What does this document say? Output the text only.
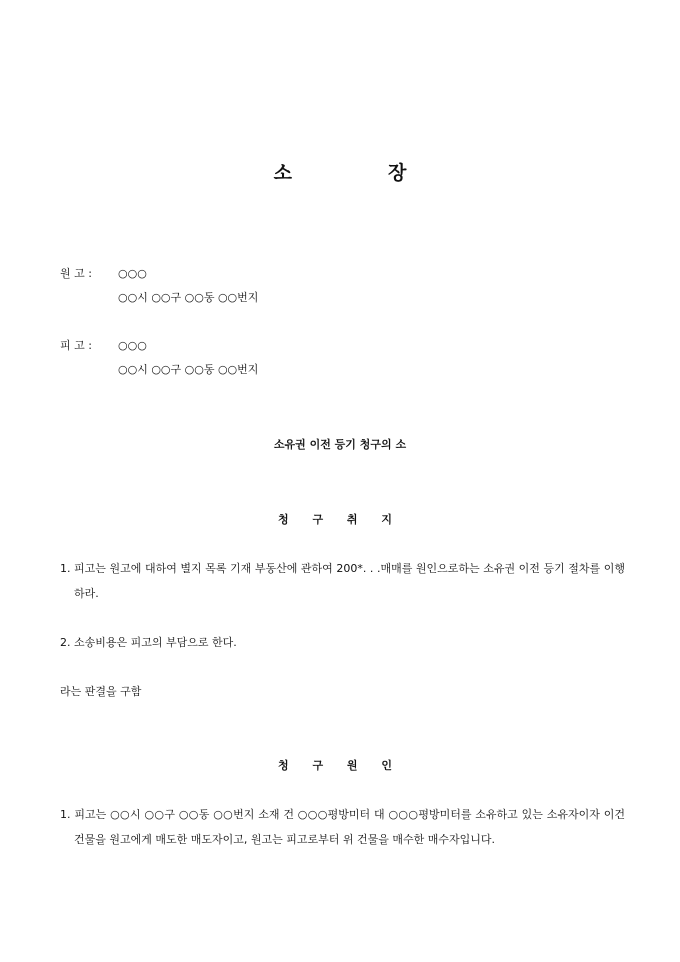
소	장
원 고 :○○○
○○시 ○○구 ○○동 ○○번지
피 고 :○○○
○○시 ○○구 ○○동 ○○번지
소유권 이전 등기 청구의 소
청 구 취 지
1. 피고는 원고에 대하여 별지 목록 기재 부동산에 관하여 200*. . .매매를 원인으로하는 소유권 이전 등기 절차를 이행하라.
2. 소송비용은 피고의 부담으로 한다.
라는 판결을 구함
청 구 원 인
1. 피고는 ○○시 ○○구 ○○동 ○○번지 소재 건 ○○○평방미터 대 ○○○평방미터를 소유하고 있는 소유자이자 이건 건물을 원고에게 매도한 매도자이고, 원고는 피고로부터 위 건물을 매수한 매수자입니다.
